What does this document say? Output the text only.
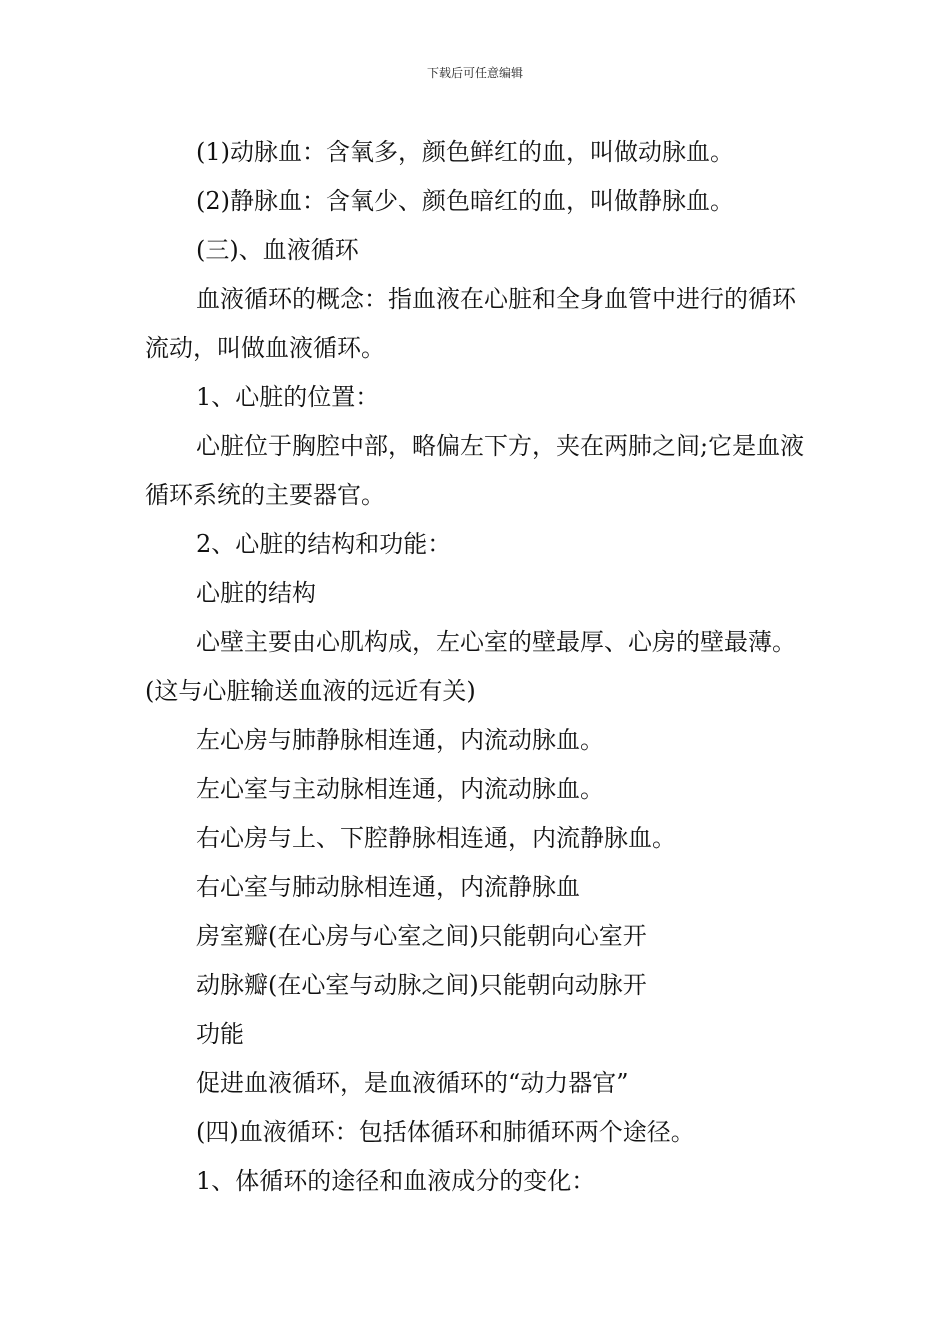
下载后可任意编辑

(1)动脉血：含氧多，颜色鲜红的血，叫做动脉血。

(2)静脉血：含氧少、颜色暗红的血，叫做静脉血。

(三)、血液循环

血液循环的概念：指血液在心脏和全身血管中进行的循环流动，叫做血液循环。

1、心脏的位置：

心脏位于胸腔中部，略偏左下方，夹在两肺之间;它是血液循环系统的主要器官。

2、心脏的结构和功能：

心脏的结构

心壁主要由心肌构成，左心室的壁最厚、心房的壁最薄。(这与心脏输送血液的远近有关)

左心房与肺静脉相连通，内流动脉血。

左心室与主动脉相连通，内流动脉血。

右心房与上、下腔静脉相连通，内流静脉血。

右心室与肺动脉相连通，内流静脉血

房室瓣(在心房与心室之间)只能朝向心室开

动脉瓣(在心室与动脉之间)只能朝向动脉开

功能

促进血液循环，是血液循环的“动力器官”

(四)血液循环：包括体循环和肺循环两个途径。

1、体循环的途径和血液成分的变化：
